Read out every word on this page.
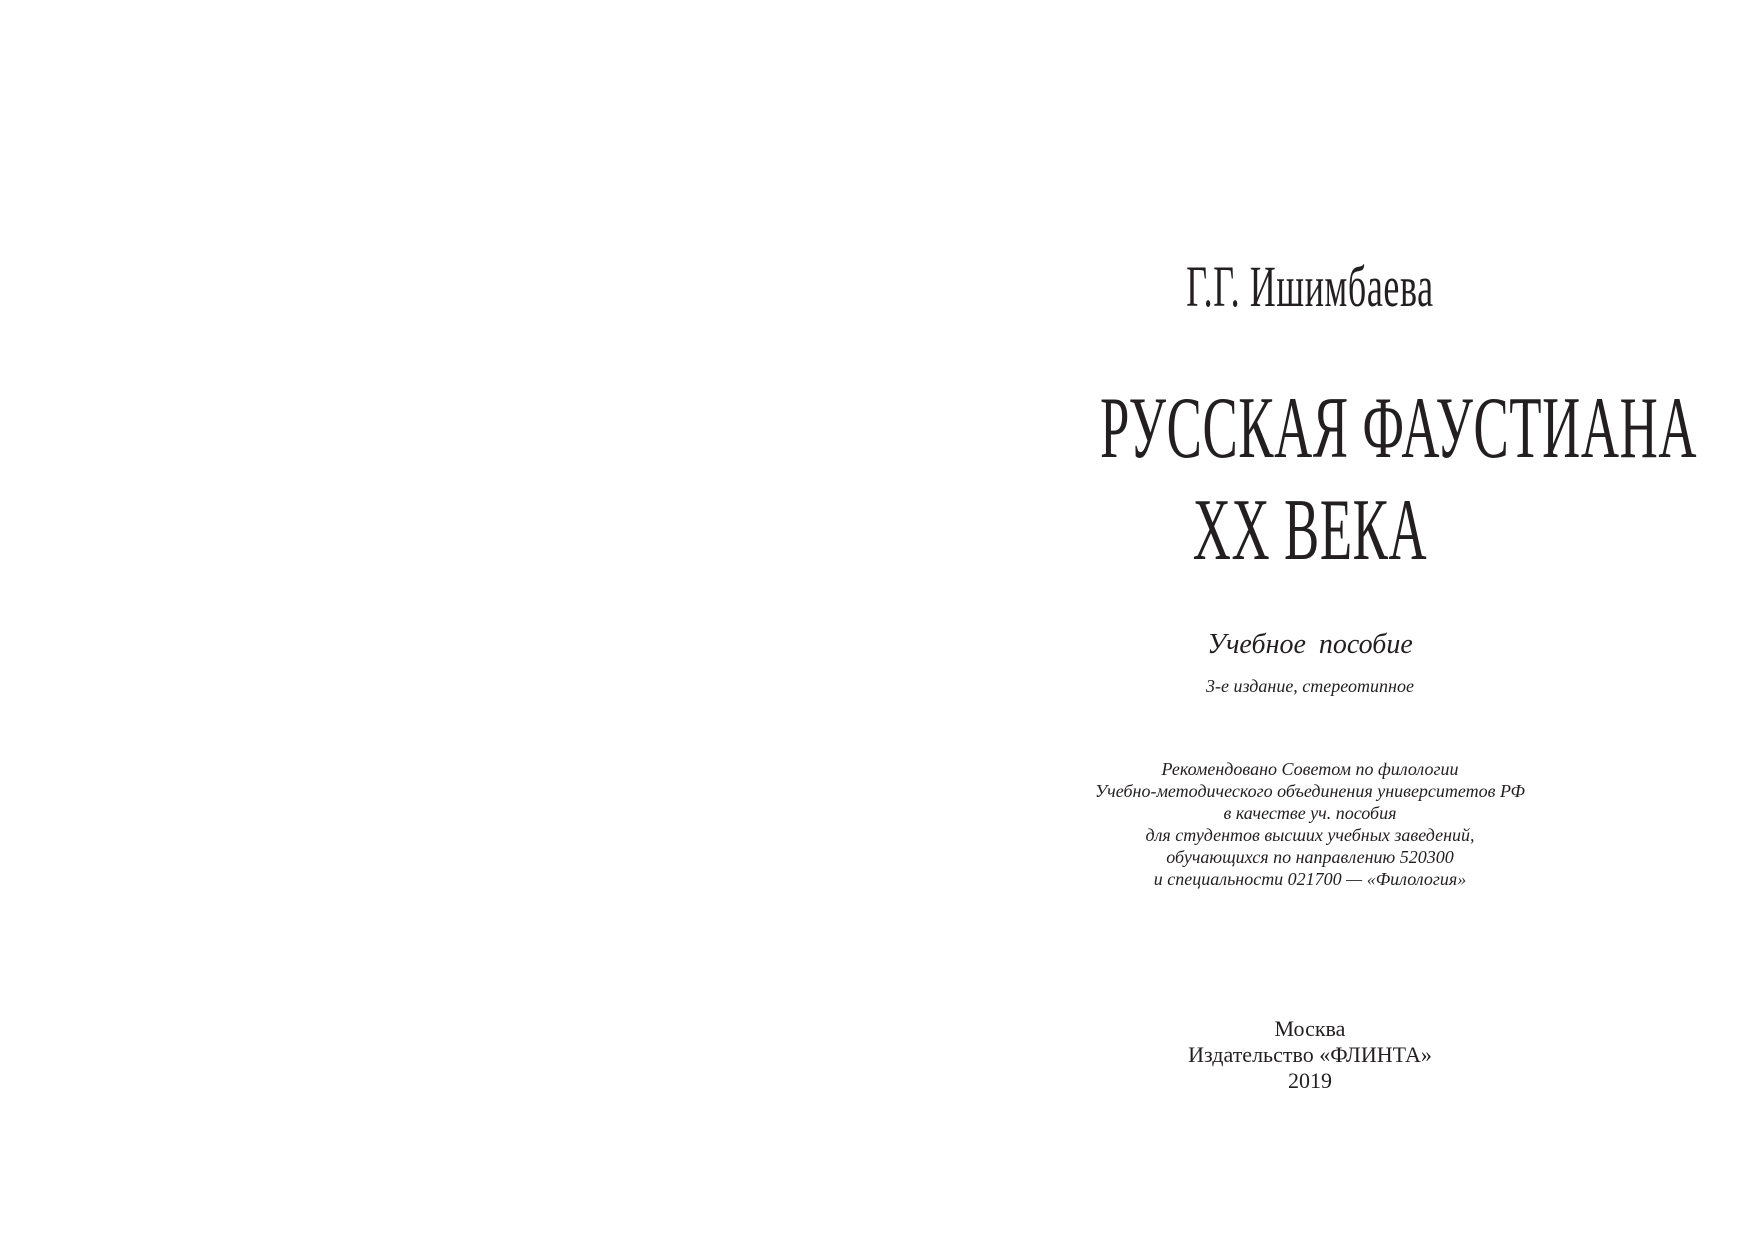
Г.Г. Ишимбаева
РУССКАЯ ФАУСТИАНА
XX ВЕКА
Учебное пособие
3-е издание, стереотипное
Рекомендовано Советом по филологии
Учебно-методического объединения университетов РФ
в качестве уч. пособия
для студентов высших учебных заведений,
обучающихся по направлению 520300
и специальности 021700 — «Филология»
Москва
Издательство «ФЛИНТА»
2019
